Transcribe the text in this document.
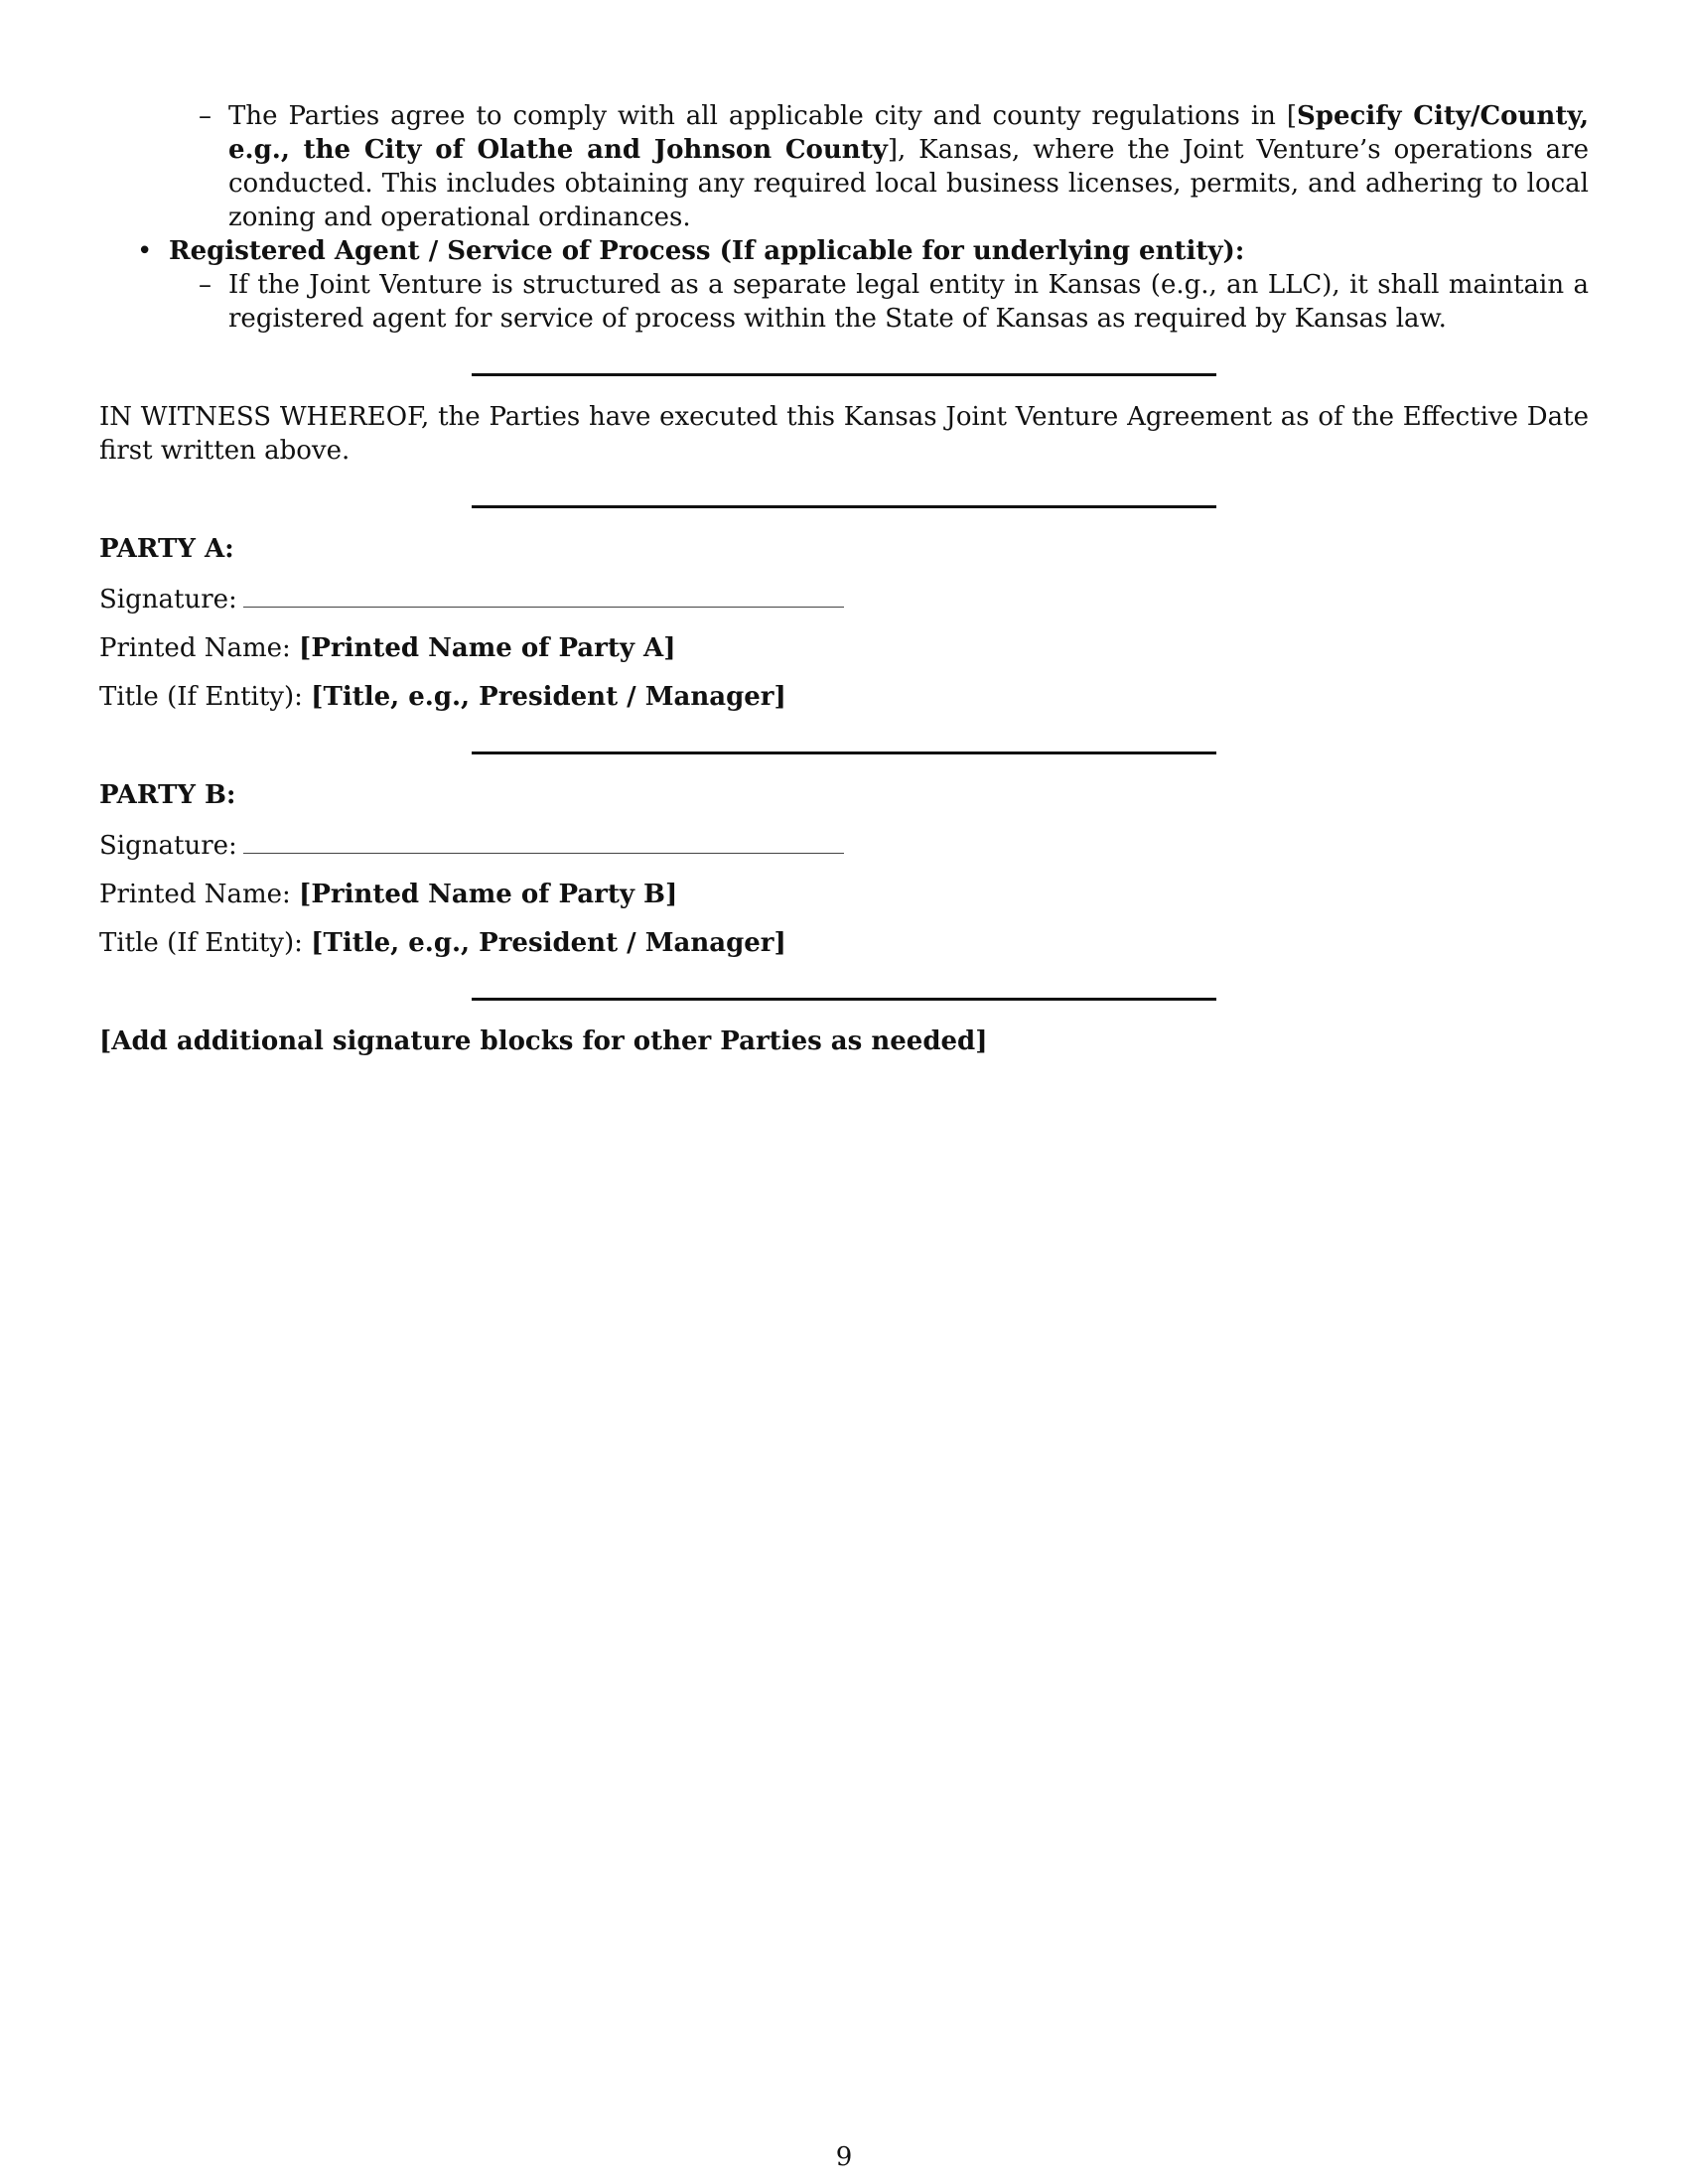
– The Parties agree to comply with all applicable city and county regulations in [Specify City/County, e.g., the City of Olathe and Johnson County], Kansas, where the Joint Venture’s operations are conducted. This includes obtaining any required local business licenses, permits, and adhering to local zoning and operational ordinances.
• Registered Agent / Service of Process (If applicable for underlying entity):
– If the Joint Venture is structured as a separate legal entity in Kansas (e.g., an LLC), it shall maintain a registered agent for service of process within the State of Kansas as required by Kansas law.

IN WITNESS WHEREOF, the Parties have executed this Kansas Joint Venture Agreement as of the Effective Date first written above.

PARTY A:

Signature:

Printed Name: [Printed Name of Party A]

Title (If Entity): [Title, e.g., President / Manager]

PARTY B:

Signature:

Printed Name: [Printed Name of Party B]

Title (If Entity): [Title, e.g., President / Manager]

[Add additional signature blocks for other Parties as needed]

9
